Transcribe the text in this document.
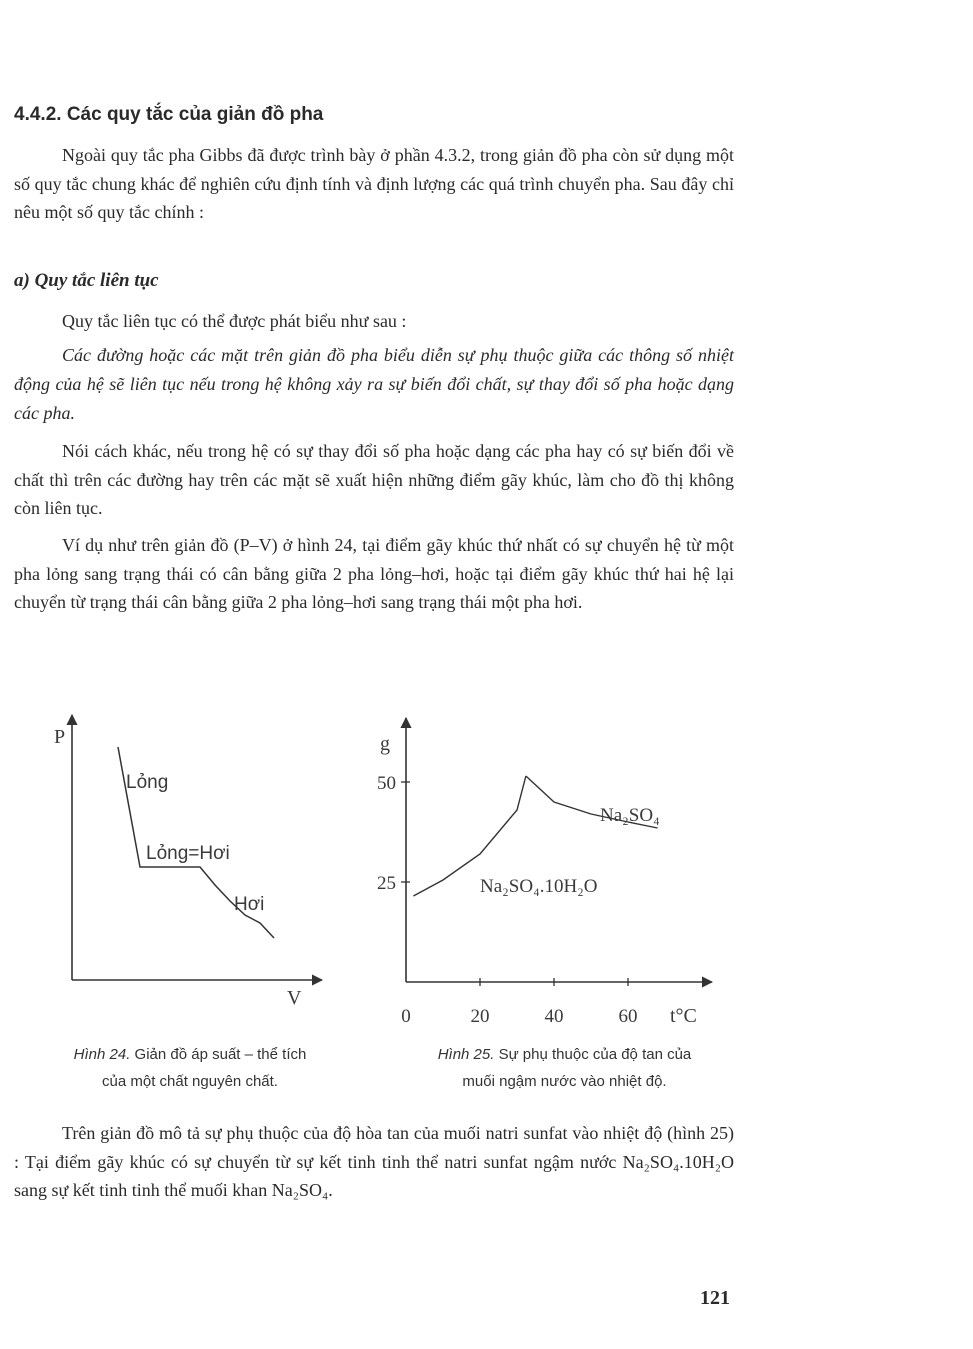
4.4.2. Các quy tắc của giản đồ pha

Ngoài quy tắc pha Gibbs đã được trình bày ở phần 4.3.2, trong giản đồ pha còn sử dụng một số quy tắc chung khác để nghiên cứu định tính và định lượng các quá trình chuyển pha. Sau đây chỉ nêu một số quy tắc chính :

a) Quy tắc liên tục

Quy tắc liên tục có thể được phát biểu như sau :

Các đường hoặc các mặt trên giản đồ pha biểu diễn sự phụ thuộc giữa các thông số nhiệt động của hệ sẽ liên tục nếu trong hệ không xảy ra sự biến đổi chất, sự thay đổi số pha hoặc dạng các pha.

Nói cách khác, nếu trong hệ có sự thay đổi số pha hoặc dạng các pha hay có sự biến đổi về chất thì trên các đường hay trên các mặt sẽ xuất hiện những điểm gãy khúc, làm cho đồ thị không còn liên tục.

Ví dụ như trên giản đồ (P–V) ở hình 24, tại điểm gãy khúc thứ nhất có sự chuyển hệ từ một pha lỏng sang trạng thái có cân bằng giữa 2 pha lỏng–hơi, hoặc tại điểm gãy khúc thứ hai hệ lại chuyển từ trạng thái cân bằng giữa 2 pha lỏng–hơi sang trạng thái một pha hơi.

P
V
Lỏng
Lỏng=Hơi
Hơi
0	20	40	60
25
50
g
t°C
Na₂SO₄
Na₂SO₄.10H₂O
Hình 24. Giản đồ áp suất – thể tích
của một chất nguyên chất.
Hình 25. Sự phụ thuộc của độ tan của
muối ngậm nước vào nhiệt độ.

Trên giản đồ mô tả sự phụ thuộc của độ hòa tan của muối natri sunfat vào nhiệt độ (hình 25) : Tại điểm gãy khúc có sự chuyển từ sự kết tinh tinh thể natri sunfat ngậm nước Na₂SO₄.10H₂O sang sự kết tinh tinh thể muối khan Na₂SO₄.

121
